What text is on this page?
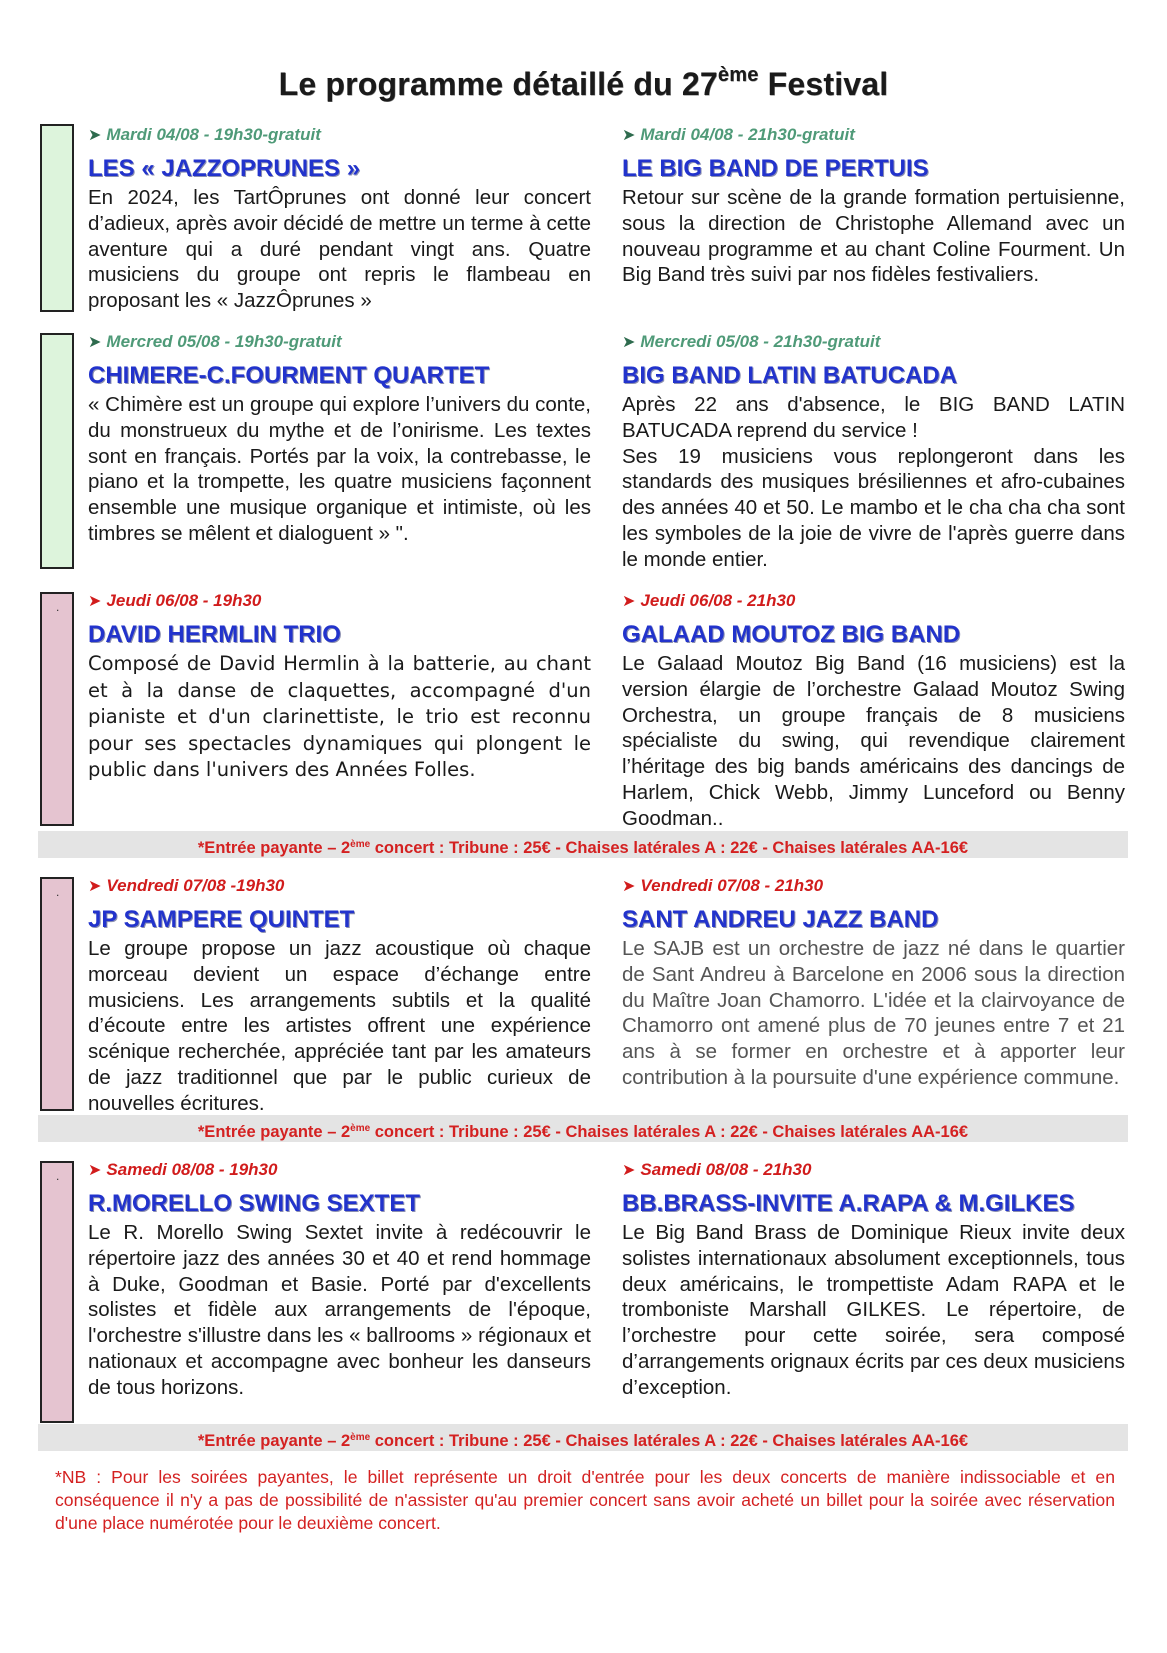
Le programme détaillé du 27ème Festival
➤ Mardi 04/08 - 19h30-gratuit
LES « JAZZOPRUNES »

En 2024, les TartÔprunes ont donné leur concert d’adieux, après avoir décidé de mettre un terme à cette aventure qui a duré pendant vingt ans. Quatre musiciens du groupe ont repris le flambeau en proposant les « JazzÔprunes »

➤ Mardi 04/08 - 21h30-gratuit
LE BIG BAND DE PERTUIS

Retour sur scène de la grande formation pertuisienne, sous la direction de Christophe Allemand avec un nouveau programme et au chant Coline Fourment. Un Big Band très suivi par nos fidèles festivaliers.

➤ Mercred 05/08 - 19h30-gratuit
CHIMERE-C.FOURMENT QUARTET

« Chimère est un groupe qui explore l’univers du conte, du monstrueux du mythe et de l’onirisme. Les textes sont en français. Portés par la voix, la contrebasse, le piano et la trompette, les quatre musiciens façonnent ensemble une musique organique et intimiste, où les timbres se mêlent et dialoguent » ".

➤ Mercredi 05/08 - 21h30-gratuit
BIG BAND LATIN BATUCADA

Après 22 ans d'absence, le BIG BAND LATIN BATUCADA reprend du service !
Ses 19 musiciens vous replongeront dans les standards des musiques brésiliennes et afro-cubaines des années 40 et 50. Le mambo et le cha cha cha sont les symboles de la joie de vivre de l'après guerre dans le monde entier.

. ➤ Jeudi 06/08 - 19h30
DAVID HERMLIN TRIO

Composé de David Hermlin à la batterie, au chant et à la danse de claquettes, accompagné d'un pianiste et d'un clarinettiste, le trio est reconnu pour ses spectacles dynamiques qui plongent le public dans l'univers des Années Folles.

➤ Jeudi 06/08 - 21h30
GALAAD MOUTOZ BIG BAND

Le Galaad Moutoz Big Band (16 musiciens) est la version élargie de l’orchestre Galaad Moutoz Swing Orchestra, un groupe français de 8 musiciens spécialiste du swing, qui revendique clairement l’héritage des big bands américains des dancings de Harlem, Chick Webb, Jimmy Lunceford ou Benny Goodman..

*Entrée payante – 2ème concert : Tribune : 25€ - Chaises latérales A : 22€ - Chaises latérales AA-16€
. ➤ Vendredi 07/08 -19h30
JP SAMPERE QUINTET

Le groupe propose un jazz acoustique où chaque morceau devient un espace d’échange entre musiciens. Les arrangements subtils et la qualité d’écoute entre les artistes offrent une expérience scénique recherchée, appréciée tant par les amateurs de jazz traditionnel que par le public curieux de nouvelles écritures.

➤ Vendredi 07/08 - 21h30
SANT ANDREU JAZZ BAND

Le SAJB est un orchestre de jazz né dans le quartier de Sant Andreu à Barcelone en 2006 sous la direction du Maître Joan Chamorro. L'idée et la clairvoyance de Chamorro ont amené plus de 70 jeunes entre 7 et 21 ans à se former en orchestre et à apporter leur contribution à la poursuite d'une expérience commune.

*Entrée payante – 2ème concert : Tribune : 25€ - Chaises latérales A : 22€ - Chaises latérales AA-16€
. ➤ Samedi 08/08 - 19h30
R.MORELLO SWING SEXTET

Le R. Morello Swing Sextet invite à redécouvrir le répertoire jazz des années 30 et 40 et rend hommage à Duke, Goodman et Basie. Porté par d'excellents solistes et fidèle aux arrangements de l'époque, l'orchestre s'illustre dans les « ballrooms » régionaux et nationaux et accompagne avec bonheur les danseurs de tous horizons.

➤ Samedi 08/08 - 21h30
BB.BRASS-INVITE A.RAPA & M.GILKES

Le Big Band Brass de Dominique Rieux invite deux solistes internationaux absolument exceptionnels, tous deux américains, le trompettiste Adam RAPA et le tromboniste Marshall GILKES. Le répertoire, de l’orchestre pour cette soirée, sera composé d’arrangements orignaux écrits par ces deux musiciens d’exception.

*Entrée payante – 2ème concert : Tribune : 25€ - Chaises latérales A : 22€ - Chaises latérales AA-16€

*NB : Pour les soirées payantes, le billet représente un droit d'entrée pour les deux concerts de manière indissociable et en conséquence il n'y a pas de possibilité de n'assister qu'au premier concert sans avoir acheté un billet pour la soirée avec réservation d'une place numérotée pour le deuxième concert.
